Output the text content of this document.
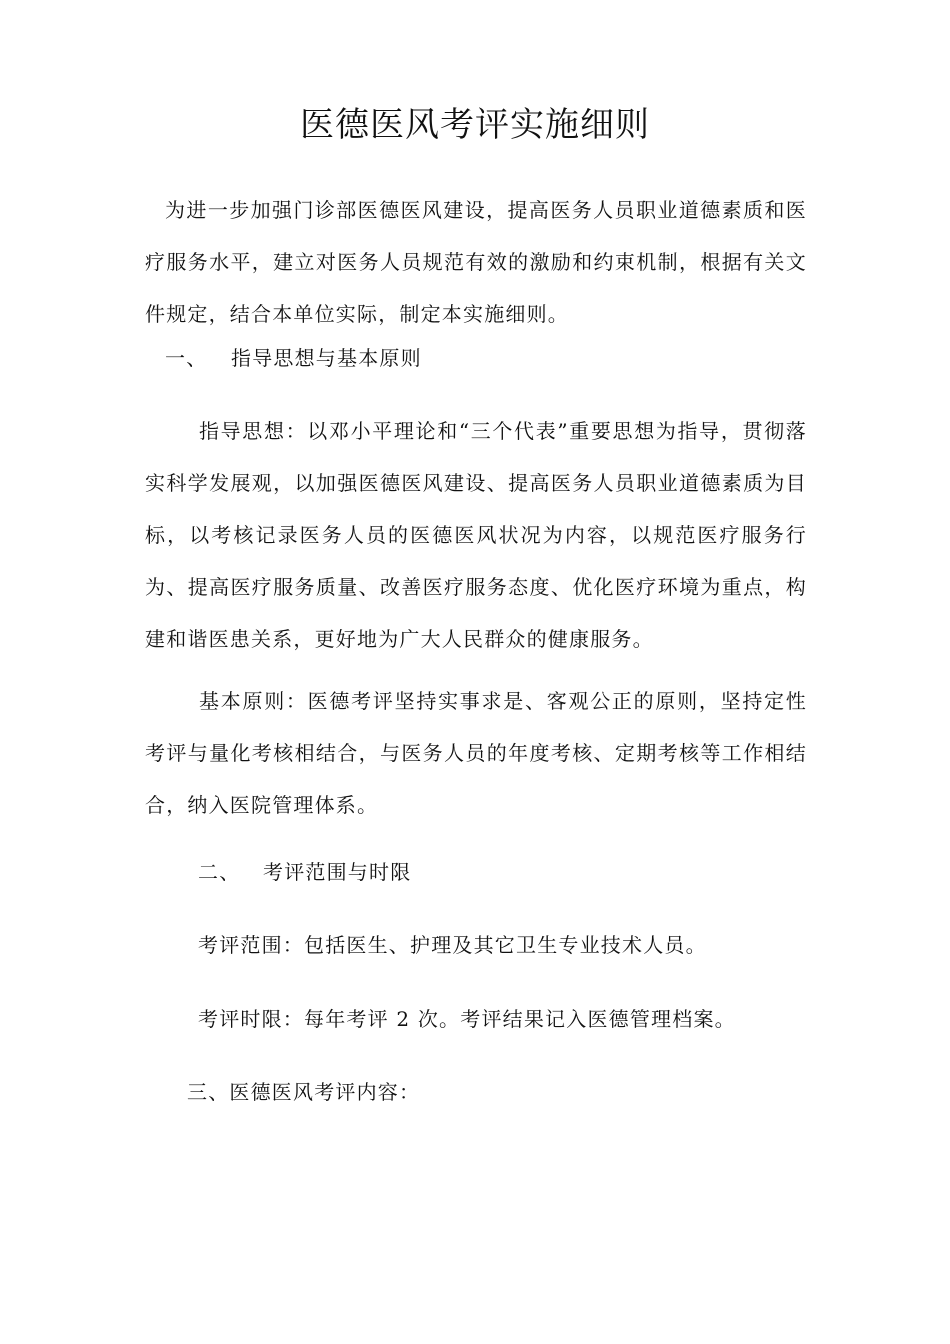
医德医风考评实施细则

为进一步加强门诊部医德医风建设，提高医务人员职业道德素质和医疗服务水平，建立对医务人员规范有效的激励和约束机制，根据有关文件规定，结合本单位实际，制定本实施细则。

一、 指导思想与基本原则

指导思想：以邓小平理论和“三个代表”重要思想为指导，贯彻落实科学发展观，以加强医德医风建设、提高医务人员职业道德素质为目标，以考核记录医务人员的医德医风状况为内容，以规范医疗服务行为、提高医疗服务质量、改善医疗服务态度、优化医疗环境为重点，构建和谐医患关系，更好地为广大人民群众的健康服务。

基本原则：医德考评坚持实事求是、客观公正的原则，坚持定性考评与量化考核相结合，与医务人员的年度考核、定期考核等工作相结合，纳入医院管理体系。

二、 考评范围与时限
考评范围：包括医生、护理及其它卫生专业技术人员。
考评时限：每年考评 2 次。考评结果记入医德管理档案。
三、医德医风考评内容：
